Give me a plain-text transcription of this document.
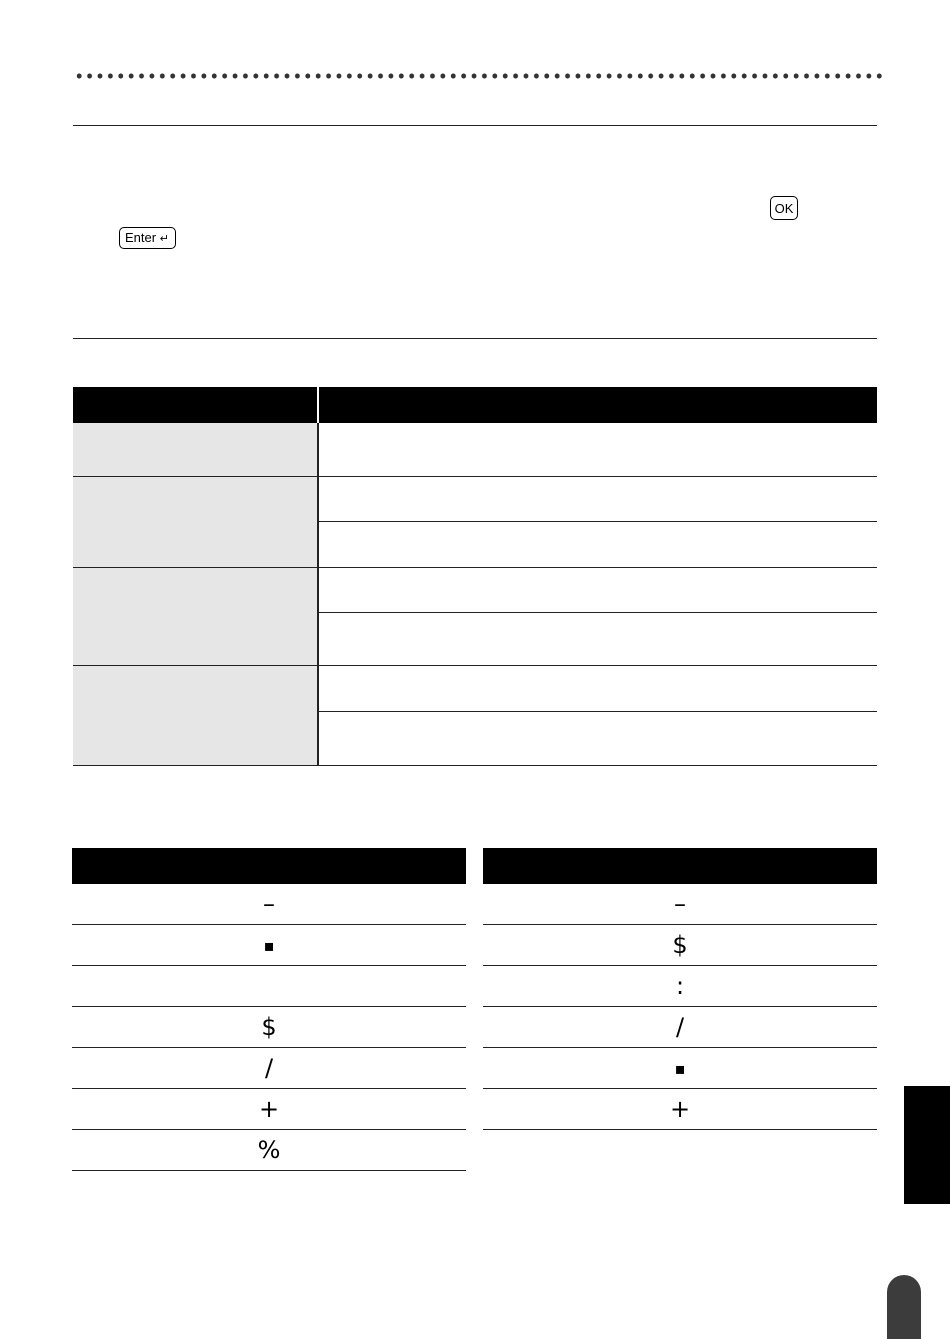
OK
Enter ↵
–
▪
$
/
+
%
–
$
:
/
▪
+
